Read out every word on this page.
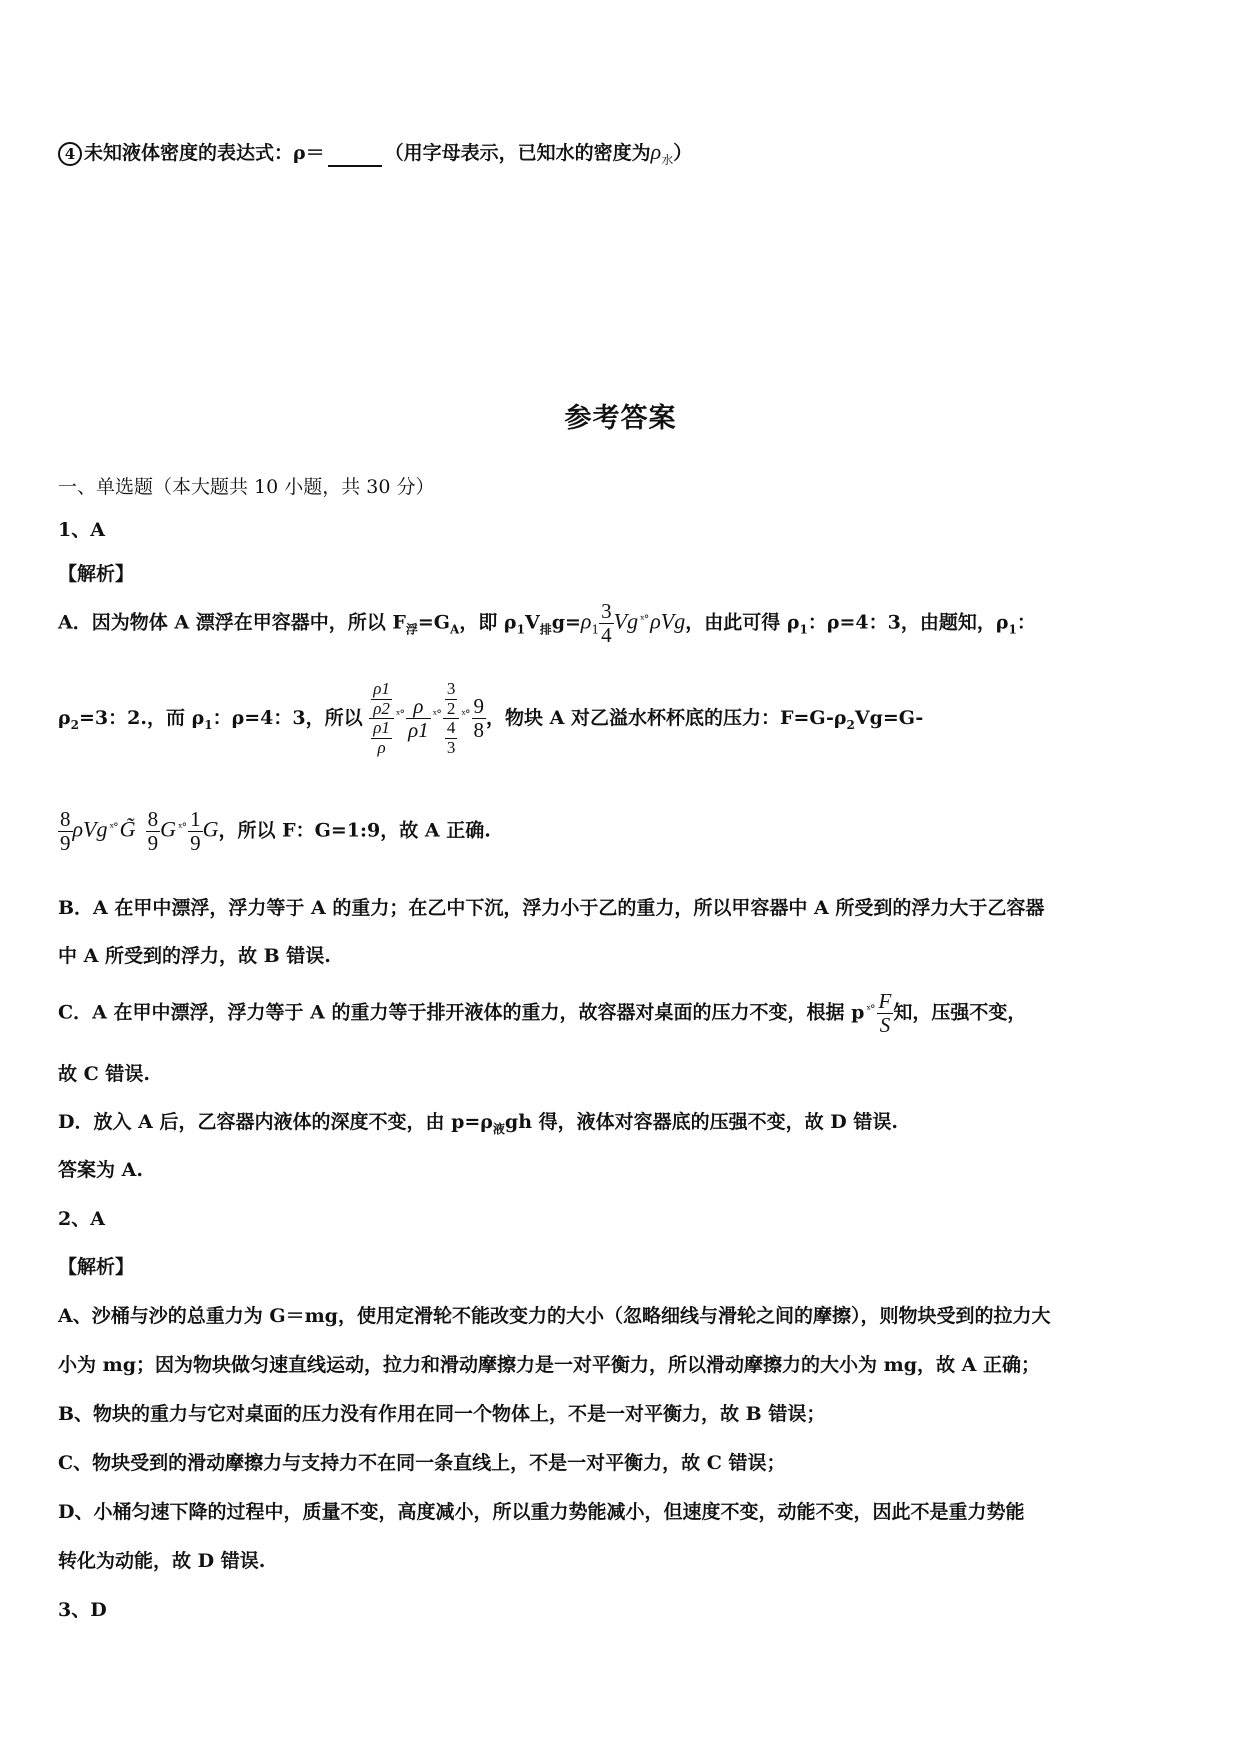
4 未知液体密度的表达式：ρ＝	（用字母表示，已知水的密度为$\rho_水$）
参考答案
一、单选题（本大题共 10 小题，共 30 分）
1、A
【解析】
A．因为物体 A 漂浮在甲容器中，所以 $F_浮=G_A$，即 $\rho_1V_排g=\rho_1 \frac{3}{4}$ Vg $^{ˣ^\circ}$ρVg，由此可得 $\rho_1$：ρ=4：3，由题知，$\rho_1$：
$\rho_2=3$：2.，而 $\rho_1$：ρ=4：3，所以 $\frac{\frac{\rho 1}{\rho 2}}{\frac{\rho 1}{\rho}} ^{ˣ^\circ} \frac{\rho}{\rho 1} ^{ˣ^\circ} \frac{\frac{3}{2}}{\frac{4}{3}} ^{ˣ^\circ} \frac{9}{8}$ ，物块 A 对乙溢水杯杯底的压力：$F=G-\rho_2Vg=G-$
$\frac{8}{9}$ ρVg $^{ˣ^\circ}$G̃ $\frac{8}{9}$ G $^{ˣ^\circ} \frac{1}{9}$ G，所以 F：G=1:9，故 A 正确.
B．A 在甲中漂浮，浮力等于 A 的重力；在乙中下沉，浮力小于乙的重力，所以甲容器中 A 所受到的浮力大于乙容器
中 A 所受到的浮力，故 B 错误.
C．A 在甲中漂浮，浮力等于 A 的重力等于排开液体的重力，故容器对桌面的压力不变，根据 p $^{ˣ^\circ} \frac{F}{S}$ 知，压强不变，
故 C 错误.
D．放入 A 后，乙容器内液体的深度不变，由 $p=\rho_液gh$ 得，液体对容器底的压强不变，故 D 错误.
答案为 A.
2、A
【解析】
A、沙桶与沙的总重力为 G＝mg，使用定滑轮不能改变力的大小（忽略细线与滑轮之间的摩擦），则物块受到的拉力大
小为 mg；因为物块做匀速直线运动，拉力和滑动摩擦力是一对平衡力，所以滑动摩擦力的大小为 mg，故 A 正确；
B、物块的重力与它对桌面的压力没有作用在同一个物体上，不是一对平衡力，故 B 错误；
C、物块受到的滑动摩擦力与支持力不在同一条直线上，不是一对平衡力，故 C 错误；
D、小桶匀速下降的过程中，质量不变，高度减小，所以重力势能减小，但速度不变，动能不变，因此不是重力势能
转化为动能，故 D 错误.
3、D
